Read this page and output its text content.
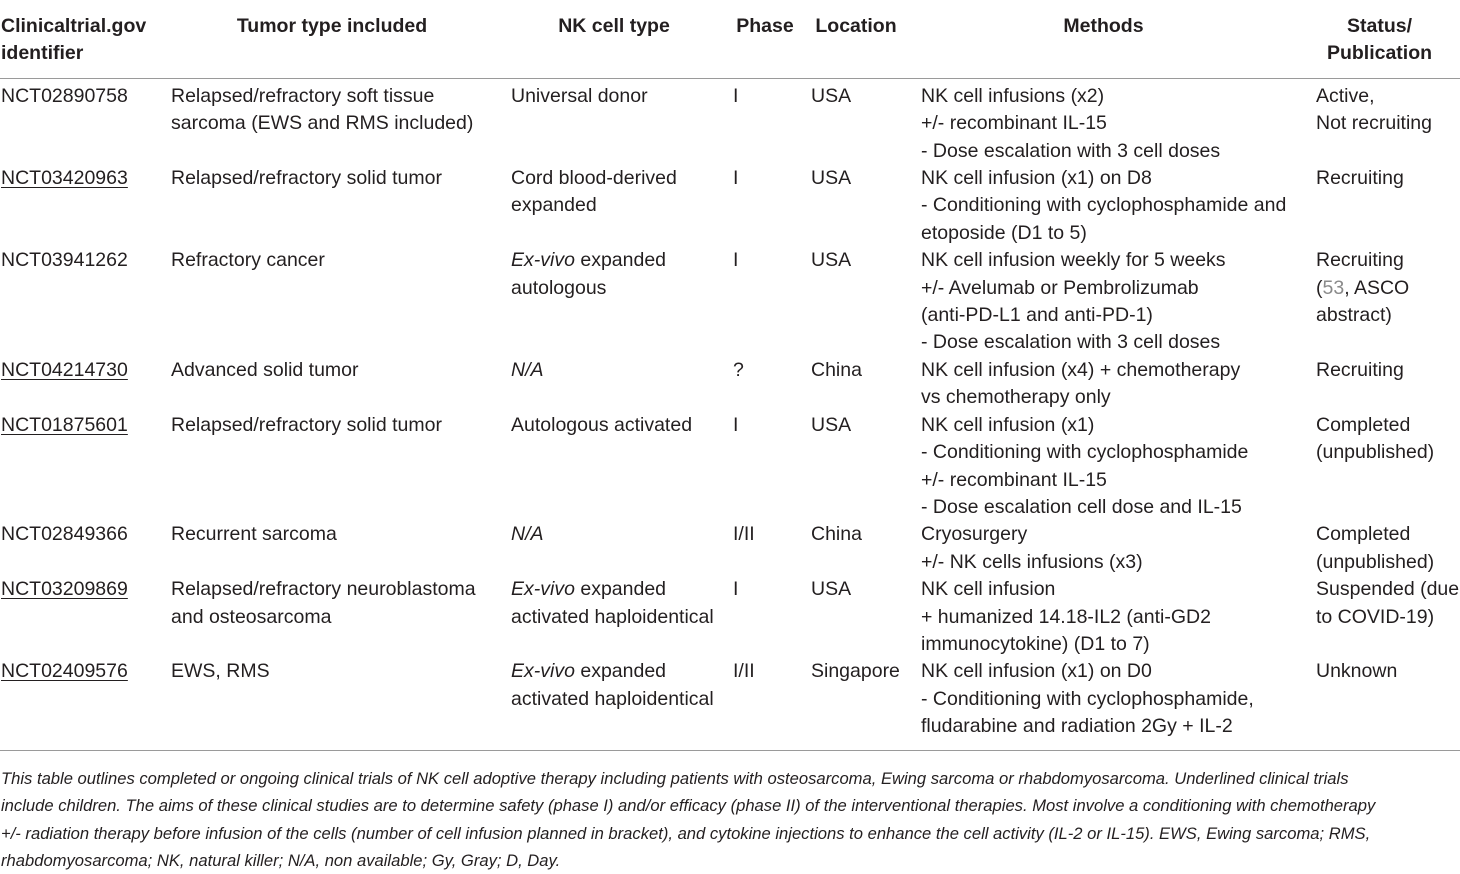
Clinicaltrial.gov
identifier	Tumor type included	NK cell type	Phase	Location	Methods	Status/
Publication

NCT02890758	Relapsed/refractory soft tissue
sarcoma (EWS and RMS included)	Universal donor	I	USA	NK cell infusions (x2)
+/- recombinant IL-15
- Dose escalation with 3 cell doses	Active,
Not recruiting

NCT03420963	Relapsed/refractory solid tumor	Cord blood-derived
expanded	I	USA	NK cell infusion (x1) on D8
- Conditioning with cyclophosphamide and
etoposide (D1 to 5)	Recruiting

NCT03941262	Refractory cancer	Ex-vivo expanded
autologous	I	USA	NK cell infusion weekly for 5 weeks
+/- Avelumab or Pembrolizumab
(anti-PD-L1 and anti-PD-1)
- Dose escalation with 3 cell doses	Recruiting
(53, ASCO
abstract)

NCT04214730	Advanced solid tumor	N/A	?	China	NK cell infusion (x4) + chemotherapy
vs chemotherapy only	Recruiting

NCT01875601	Relapsed/refractory solid tumor	Autologous activated	I	USA	NK cell infusion (x1)
- Conditioning with cyclophosphamide
+/- recombinant IL-15
- Dose escalation cell dose and IL-15	Completed
(unpublished)

NCT02849366	Recurrent sarcoma	N/A	I/II	China	Cryosurgery
+/- NK cells infusions (x3)	Completed
(unpublished)

NCT03209869	Relapsed/refractory neuroblastoma
and osteosarcoma	Ex-vivo expanded
activated haploidentical	I	USA	NK cell infusion
+ humanized 14.18-IL2 (anti-GD2
immunocytokine) (D1 to 7)	Suspended (due
to COVID-19)

NCT02409576	EWS, RMS	Ex-vivo expanded
activated haploidentical	I/II	Singapore	NK cell infusion (x1) on D0
- Conditioning with cyclophosphamide,
fludarabine and radiation 2Gy + IL-2	Unknown
This table outlines completed or ongoing clinical trials of NK cell adoptive therapy including patients with osteosarcoma, Ewing sarcoma or rhabdomyosarcoma. Underlined clinical trials
include children. The aims of these clinical studies are to determine safety (phase I) and/or efficacy (phase II) of the interventional therapies. Most involve a conditioning with chemotherapy
+/- radiation therapy before infusion of the cells (number of cell infusion planned in bracket), and cytokine injections to enhance the cell activity (IL-2 or IL-15). EWS, Ewing sarcoma; RMS,
rhabdomyosarcoma; NK, natural killer; N/A, non available; Gy, Gray; D, Day.
